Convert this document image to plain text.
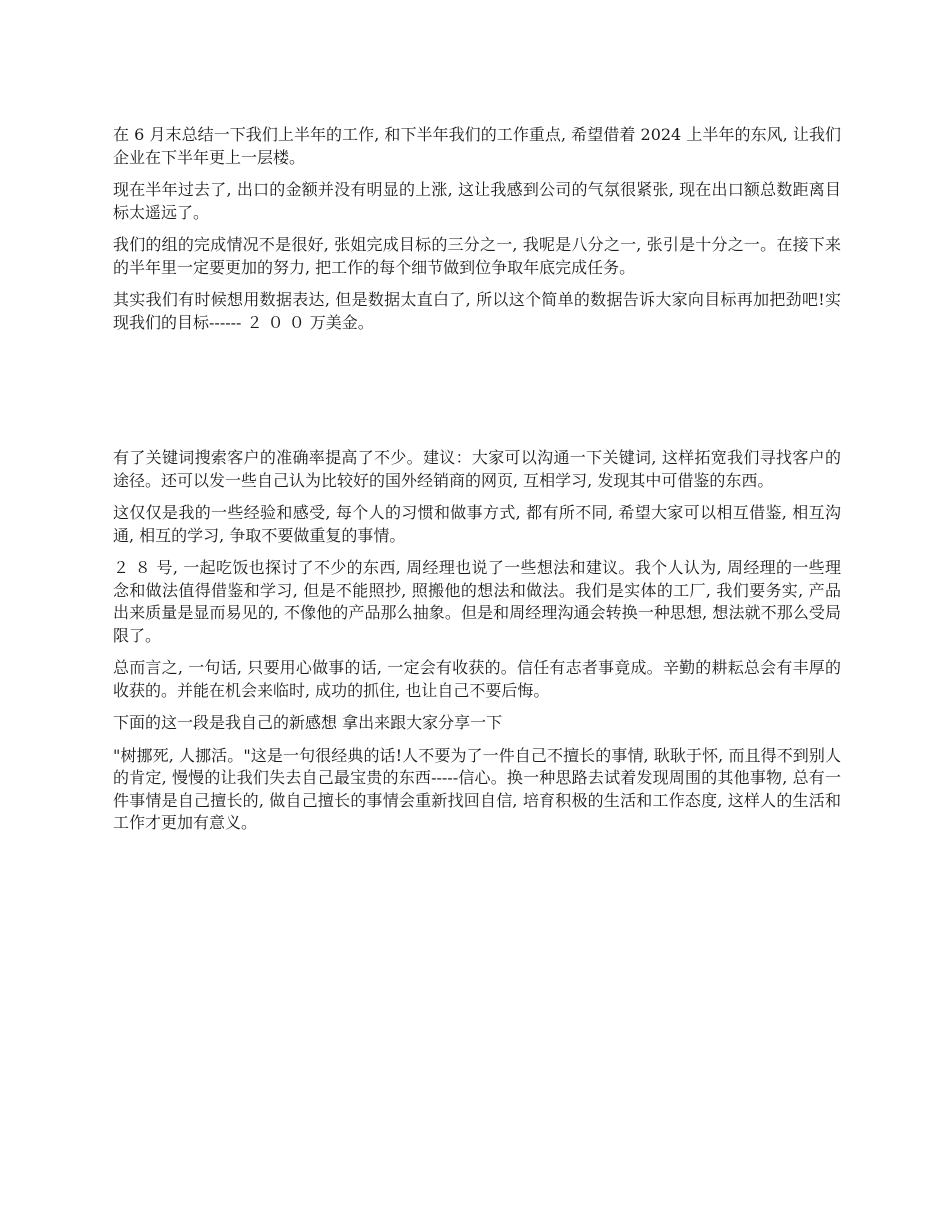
在 6 月末总结一下我们上半年的工作, 和下半年我们的工作重点, 希望借着 2024 上半年的东风, 让我们企业在下半年更上一层楼。

现在半年过去了, 出口的金额并没有明显的上涨, 这让我感到公司的气氛很紧张, 现在出口额总数距离目标太遥远了。

我们的组的完成情况不是很好, 张姐完成目标的三分之一, 我呢是八分之一, 张引是十分之一。在接下来的半年里一定要更加的努力, 把工作的每个细节做到位争取年底完成任务。

其实我们有时候想用数据表达, 但是数据太直白了, 所以这个简单的数据告诉大家向目标再加把劲吧!实现我们的目标------ ２ ０ ０ 万美金。

有了关键词搜索客户的准确率提高了不少。建议：大家可以沟通一下关键词, 这样拓宽我们寻找客户的途径。还可以发一些自己认为比较好的国外经销商的网页, 互相学习, 发现其中可借鉴的东西。

这仅仅是我的一些经验和感受, 每个人的习惯和做事方式, 都有所不同, 希望大家可以相互借鉴, 相互沟通, 相互的学习, 争取不要做重复的事情。

２ ８ 号, 一起吃饭也探讨了不少的东西, 周经理也说了一些想法和建议。我个人认为, 周经理的一些理念和做法值得借鉴和学习, 但是不能照抄, 照搬他的想法和做法。我们是实体的工厂, 我们要务实, 产品出来质量是显而易见的, 不像他的产品那么抽象。但是和周经理沟通会转换一种思想, 想法就不那么受局限了。

总而言之, 一句话, 只要用心做事的话, 一定会有收获的。信任有志者事竟成。辛勤的耕耘总会有丰厚的收获的。并能在机会来临时, 成功的抓住, 也让自己不要后悔。

下面的这一段是我自己的新感想 拿出来跟大家分享一下

"树挪死, 人挪活。"这是一句很经典的话!人不要为了一件自己不擅长的事情, 耿耿于怀, 而且得不到别人的肯定, 慢慢的让我们失去自己最宝贵的东西-----信心。换一种思路去试着发现周围的其他事物, 总有一件事情是自己擅长的, 做自己擅长的事情会重新找回自信, 培育积极的生活和工作态度, 这样人的生活和工作才更加有意义。
